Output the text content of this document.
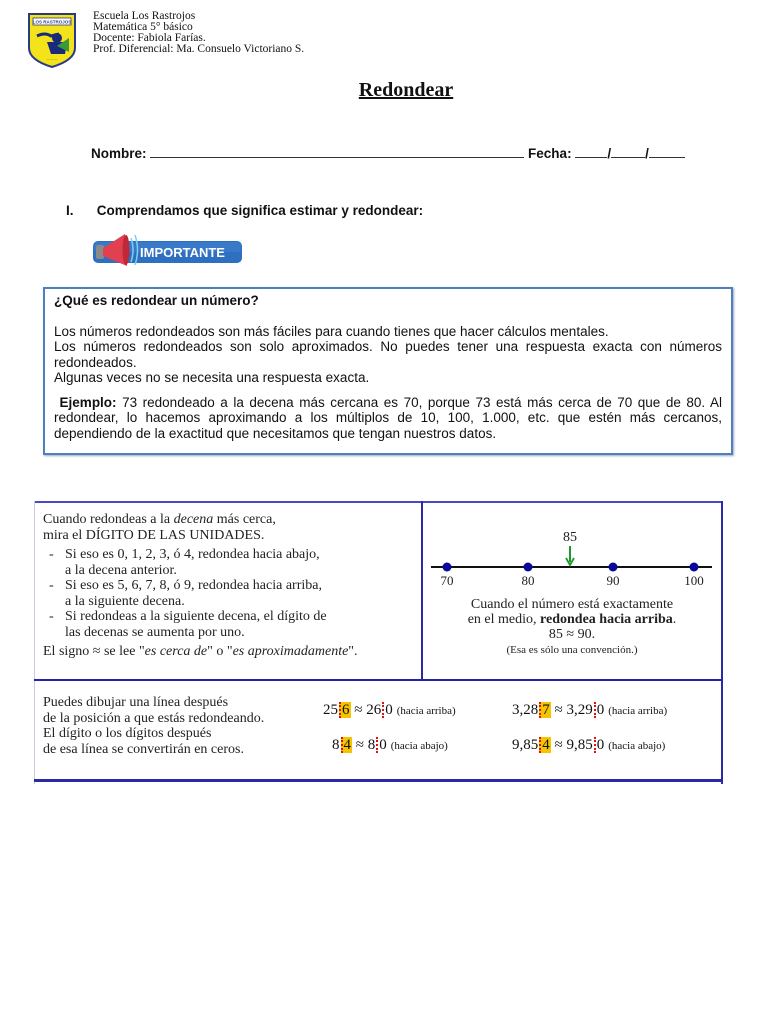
LOS RASTROJOS
— — —
Escuela Los Rastrojos
Matemática 5° básico
Docente: Fabiola Farías.
Prof. Diferencial: Ma. Consuelo Victoriano S.
Redondear
Nombre:	Fecha:	/	/
I. Comprendamos que significa estimar y redondear:
IMPORTANTE
¿Qué es redondear un número?

Los números redondeados son más fáciles para cuando tienes que hacer cálculos mentales.

Los números redondeados son solo aproximados. No puedes tener una respuesta exacta con números redondeados.

Algunas veces no se necesita una respuesta exacta.

Ejemplo: 73 redondeado a la decena más cercana es 70, porque 73 está más cerca de 70 que de 80. Al redondear, lo hacemos aproximando a los múltiplos de 10, 100, 1.000, etc. que estén más cercanos, dependiendo de la exactitud que necesitamos que tengan nuestros datos.

Cuando redondeas a la decena más cerca,
mira el DÍGITO DE LAS UNIDADES.
- Si eso es 0, 1, 2, 3, ó 4, redondea hacia abajo,
a la decena anterior.
- Si eso es 5, 6, 7, 8, ó 9, redondea hacia arriba,
a la siguiente decena.
- Si redondeas a la siguiente decena, el dígito de
las decenas se aumenta por uno.
El signo ≈ se lee "es cerca de" o "es aproximadamente".
85
70	80	90	100
Cuando el número está exactamente
en el medio, redondea hacia arriba.
85 ≈ 90.
(Esa es sólo una convención.)
Puedes dibujar una línea después
de la posición a que estás redondeando.
El dígito o los dígitos después
de esa línea se convertirán en ceros.
25 6 ≈ 26 0 (hacia arriba)
8 4 ≈ 8 0 (hacia abajo)
3,28 7 ≈ 3,29 0 (hacia arriba)
9,85 4 ≈ 9,85 0 (hacia abajo)
